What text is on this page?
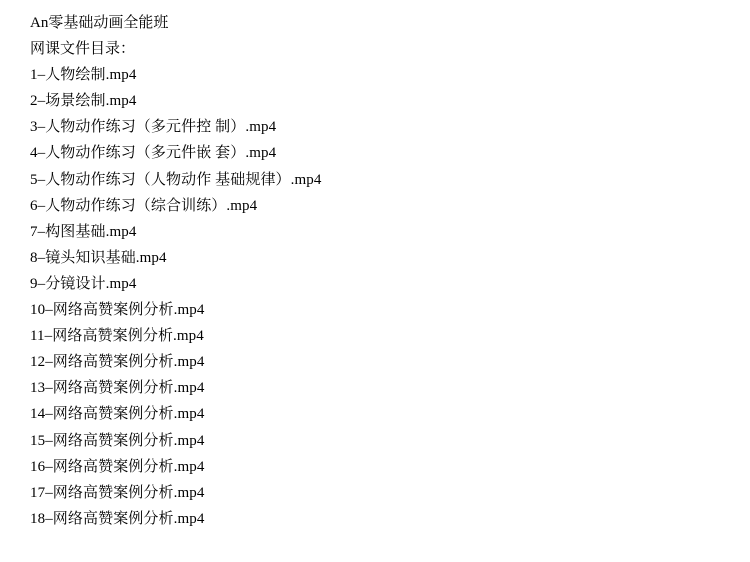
An零基础动画全能班
网课文件目录：
1–人物绘制.mp4
2–场景绘制.mp4
3–人物动作练习（多元件控 制）.mp4
4–人物动作练习（多元件嵌 套）.mp4
5–人物动作练习（人物动作 基础规律）.mp4
6–人物动作练习（综合训练）.mp4
7–构图基础.mp4
8–镜头知识基础.mp4
9–分镜设计.mp4
10–网络高赞案例分析.mp4
11–网络高赞案例分析.mp4
12–网络高赞案例分析.mp4
13–网络高赞案例分析.mp4
14–网络高赞案例分析.mp4
15–网络高赞案例分析.mp4
16–网络高赞案例分析.mp4
17–网络高赞案例分析.mp4
18–网络高赞案例分析.mp4
